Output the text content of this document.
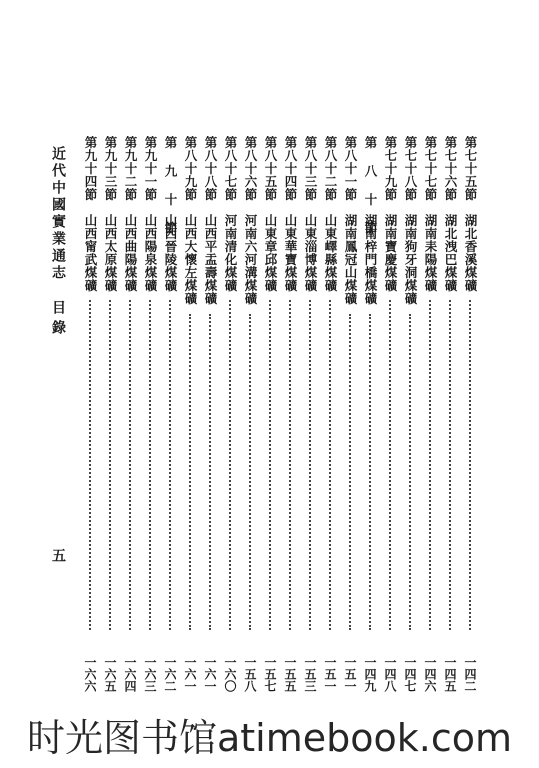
近代中國實業通志
目錄
五
第七十五節
湖北香溪煤礦
一四二
第七十六節
湖北洩巴煤礦
一四五
第七十七節
湖南耒陽煤礦
一四六
第七十八節
湖南狗牙洞煤礦
一四七
第七十九節
湖南寶慶煤礦
一四八
第 八 十 節
湖南梓門橋煤礦
一四九
第八十一節
湖南鳳冠山煤礦
一五一
第八十二節
山東嶧縣煤礦
一五一
第八十三節
山東淄博煤礦
一五三
第八十四節
山東華寶煤礦
一五五
第八十五節
山東章邱煤礦
一五七
第八十六節
河南六河溝煤礦
一五八
第八十七節
河南清化煤礦
一六〇
第八十八節
山西平盂壽煤礦
一六一
第八十九節
山西大懷左煤礦
一六一
第 九 十 節
山西晉陵煤礦
一六二
第九十一節
山西陽泉煤礦
一六三
第九十二節
山西曲陽煤礦
一六四
第九十三節
山西太原煤礦
一六五
第九十四節
山西甯武煤礦
一六六
时光图书馆atimebook.com
